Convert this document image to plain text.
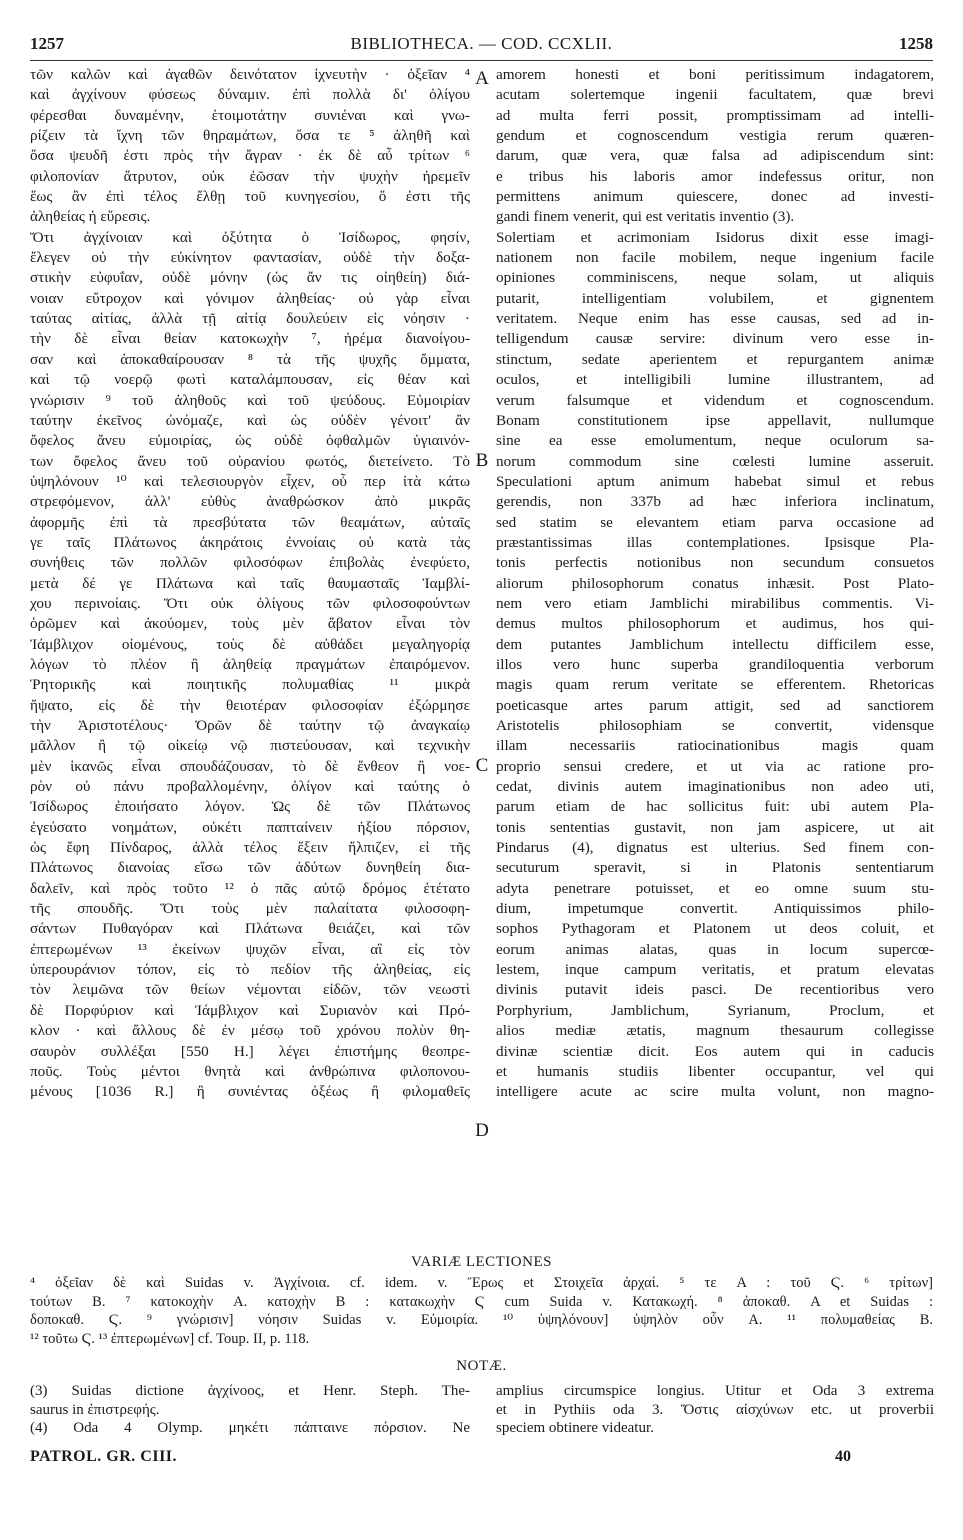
1257	BIBLIOTHECA. — COD. CCXLII.	1258
τῶν καλῶν καὶ ἀγαθῶν δεινότατον ἰχνευτὴν · ὀξεῖαν ⁴
καὶ ἀγχίνουν φύσεως δύναμιν. ἐπὶ πολλὰ δι' ὀλίγου
φέρεσθαι δυναμένην, ἑτοιμοτάτην συνιέναι καὶ γνω-
ρίζειν τὰ ἴχνη τῶν θηραμάτων, ὅσα τε ⁵ ἀληθῆ καὶ
ὅσα ψευδῆ ἐστι πρὸς τὴν ἄγραν · ἐκ δὲ αὖ τρίτων ⁶
φιλοπονίαν ἄτρυτον, οὐκ ἐῶσαν τὴν ψυχὴν ἠρεμεῖν
ἕως ἂν ἐπὶ τέλος ἔλθῃ τοῦ κυνηγεσίου, ὅ ἐστι τῆς
ἀληθείας ἡ εὕρεσις.
Ὅτι ἀγχίνοιαν καὶ ὀξύτητα ὁ Ἰσίδωρος, φησίν,
ἔλεγεν οὐ τὴν εὐκίνητον φαντασίαν, οὐδὲ τὴν δοξα-
στικὴν εὐφυΐαν, οὐδὲ μόνην (ὡς ἄν τις οἰηθείη) διά-
νοιαν εὔτροχον καὶ γόνιμον ἀληθείας· οὐ γὰρ εἶναι
ταύτας αἰτίας, ἀλλὰ τῇ αἰτίᾳ δουλεύειν εἰς νόησιν ·
τὴν δὲ εἶναι θείαν κατοκωχὴν ⁷, ἠρέμα διανοίγου-
σαν καὶ ἀποκαθαίρουσαν ⁸ τὰ τῆς ψυχῆς ὄμματα,
καὶ τῷ νοερῷ φωτὶ καταλάμπουσαν, εἰς θέαν καὶ
γνώρισιν ⁹ τοῦ ἀληθοῦς καὶ τοῦ ψεύδους. Εὐμοιρίαν
ταύτην ἐκεῖνος ὠνόμαζε, καὶ ὡς οὐδὲν γένοιτ' ἂν
ὄφελος ἄνευ εὐμοιρίας, ὡς οὐδὲ ὀφθαλμῶν ὑγιαινόν-
των ὄφελος ἄνευ τοῦ οὐρανίου φωτός, διετείνετο. Τὸ
ὑψηλόνουν ¹⁰ καὶ τελεσιουργὸν εἶχεν, οὗ περ ἰτὰ κάτω
στρεφόμενον, ἀλλ' εὐθὺς ἀναθρώσκον ἀπὸ μικρᾶς
ἀφορμῆς ἐπὶ τὰ πρεσβύτατα τῶν θεαμάτων, αὐταῖς
γε ταῖς Πλάτωνος ἀκηράτοις ἐννοίαις οὐ κατὰ τὰς
συνήθεις τῶν πολλῶν φιλοσόφων ἐπιβολὰς ἐνεφύετο,
μετὰ δέ γε Πλάτωνα καὶ ταῖς θαυμασταῖς Ἰαμβλί-
χου περινοίαις. Ὅτι οὐκ ὀλίγους τῶν φιλοσοφούντων
ὁρῶμεν καὶ ἀκούομεν, τοὺς μὲν ἄβατον εἶναι τὸν
Ἰάμβλιχον οἰομένους, τοὺς δὲ αὐθάδει μεγαληγορίᾳ
λόγων τὸ πλέον ἢ ἀληθείᾳ πραγμάτων ἐπαιρόμενον.
Ῥητορικῆς καὶ ποιητικῆς πολυμαθίας ¹¹ μικρὰ
ἥψατο, εἰς δὲ τὴν θειοτέραν φιλοσοφίαν ἐξώρμησε
τὴν Ἀριστοτέλους· Ὁρῶν δὲ ταύτην τῷ ἀναγκαίῳ
μᾶλλον ἢ τῷ οἰκείῳ νῷ πιστεύουσαν, καὶ τεχνικὴν
μὲν ἱκανῶς εἶναι σπουδάζουσαν, τὸ δὲ ἔνθεον ἢ νοε-
ρὸν οὐ πάνυ προβαλλομένην, ὀλίγον καὶ ταύτης ὁ
Ἰσίδωρος ἐποιήσατο λόγον. Ὡς δὲ τῶν Πλάτωνος
ἐγεύσατο νοημάτων, οὐκέτι παπταίνειν ἠξίου πόρσιον,
ὡς ἔφη Πίνδαρος, ἀλλὰ τέλος ἕξειν ἤλπιζεν, εἰ τῆς
Πλάτωνος διανοίας εἴσω τῶν ἀδύτων δυνηθείη δια-
δαλεῖν, καὶ πρὸς τοῦτο ¹² ὁ πᾶς αὐτῷ δρόμος ἐτέτατο
τῆς σπουδῆς. Ὅτι τοὺς μὲν παλαίτατα φιλοσοφη-
σάντων Πυθαγόραν καὶ Πλάτωνα θειάζει, καὶ τῶν
ἐπτερωμένων ¹³ ἐκείνων ψυχῶν εἶναι, αἳ εἰς τὸν
ὑπερουράνιον τόπον, εἰς τὸ πεδίον τῆς ἀληθείας, εἰς
τὸν λειμῶνα τῶν θείων νέμονται εἰδῶν, τῶν νεωστὶ
δὲ Πορφύριον καὶ Ἰάμβλιχον καὶ Συριανὸν καὶ Πρό-
κλον · καὶ ἄλλους δὲ ἐν μέσῳ τοῦ χρόνου πολὺν θη-
σαυρὸν συλλέξαι [550 H.] λέγει ἐπιστήμης θεοπρε-
ποῦς. Τοὺς μέντοι θνητὰ καὶ ἀνθρώπινα φιλοπονου-
μένους [1036 R.] ἢ συνιέντας ὀξέως ἢ φιλομαθεῖς
amorem honesti et boni peritissimum indagatorem,
acutam solertemque ingenii facultatem, quæ brevi
ad multa ferri possit, promptissimam ad intelli-
gendum et cognoscendum vestigia rerum quæren-
darum, quæ vera, quæ falsa ad adipiscendum sint:
e tribus his laboris amor indefessus oritur, non
permittens animum quiescere, donec ad investi-
gandi finem venerit, qui est veritatis inventio (3).
Solertiam et acrimoniam Isidorus dixit esse imagi-
nationem non facile mobilem, neque ingenium facile
opiniones comminiscens, neque solam, ut aliquis
putarit, intelligentiam volubilem, et gignentem
veritatem. Neque enim has esse causas, sed ad in-
telligendum causæ servire: divinum vero esse in-
stinctum, sedate aperientem et repurgantem animæ
oculos, et intelligibili lumine illustrantem, ad
verum falsumque et videndum et cognoscendum.
Bonam constitutionem ipse appellavit, nullumque
sine ea esse emolumentum, neque oculorum sa-
norum commodum sine cœlesti lumine asseruit.
Speculationi aptum animum habebat simul et rebus
gerendis, non 337b ad hæc inferiora inclinatum,
sed statim se elevantem etiam parva occasione ad
præstantissimas illas contemplationes. Ipsisque Pla-
tonis perfectis notionibus non secundum consuetos
aliorum philosophorum conatus inhæsit. Post Plato-
nem vero etiam Jamblichi mirabilibus commentis. Vi-
demus multos philosophorum et audimus, hos qui-
dem putantes Jamblichum intellectu difficilem esse,
illos vero hunc superba grandiloquentia verborum
magis quam rerum veritate se efferentem. Rhetoricas
poeticasque artes parum attigit, sed ad sanctiorem
Aristotelis philosophiam se convertit, vidensque
illam necessariis ratiocinationibus magis quam
proprio sensui credere, et ut via ac ratione pro-
cedat, divinis autem imaginationibus non adeo uti,
parum etiam de hac sollicitus fuit: ubi autem Pla-
tonis sententias gustavit, non jam aspicere, ut ait
Pindarus (4), dignatus est ulterius. Sed finem con-
secuturum speravit, si in Platonis sententiarum
adyta penetrare potuisset, et eo omne suum stu-
dium, impetumque convertit. Antiquissimos philo-
sophos Pythagoram et Platonem ut deos coluit, et
eorum animas alatas, quas in locum supercœ-
lestem, inque campum veritatis, et pratum elevatas
divinis putavit ideis pasci. De recentioribus vero
Porphyrium, Jamblichum, Syrianum, Proclum, et
alios mediæ ætatis, magnum thesaurum collegisse
divinæ scientiæ dicit. Eos autem qui in caducis
et humanis studiis libenter occupantur, vel qui
intelligere acute ac scire multa volunt, non magno-
A
B
C
D
VARIÆ LECTIONES
⁴ ὀξεῖαν δὲ καὶ Suidas v. Ἀγχίνοια. cf. idem. v. Ἔρως et Στοιχεῖα ἀρχαί. ⁵ τε A : τοῦ Ϛ. ⁶ τρίτων]
τούτων B. ⁷ κατοκοχὴν A. κατοχὴν B : κατακωχὴν Ϛ cum Suida v. Κατακωχή. ⁸ ἀποκαθ. A et Suidas :
δοποκαθ. Ϛ. ⁹ γνώρισιν] νόησιν Suidas v. Εὐμοιρία. ¹⁰ ὑψηλόνουν] ὑψηλὸν οὖν A. ¹¹ πολυμαθείας B.
¹² τοῦτω Ϛ. ¹³ ἐπτερωμένων] cf. Toup. II, p. 118.
NOTÆ.
(3) Suidas dictione ἀγχίνοος, et Henr. Steph. The-
saurus in ἐπιστρεφής.
(4) Oda 4 Olymp. μηκέτι πάπταινε πόρσιον. Ne
amplius circumspice longius. Utitur et Oda 3 extrema
et in Pythiis oda 3. Ὅστις αἰσχύνων etc. ut proverbii
speciem obtinere videatur.
PATROL. GR. CIII.	40
